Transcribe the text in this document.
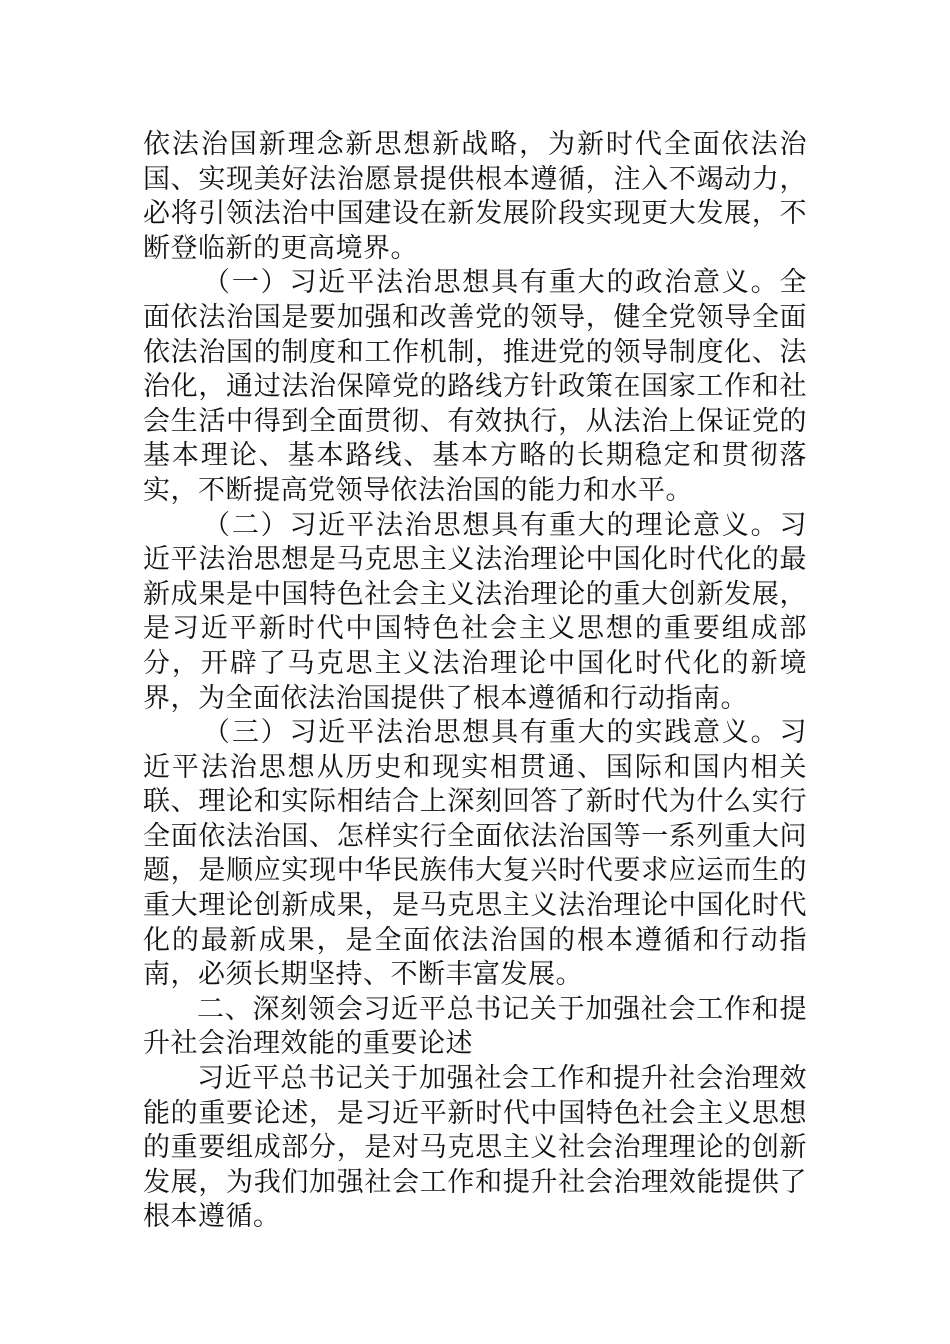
依法治国新理念新思想新战略，为新时代全面依法治国、实现美好法治愿景提供根本遵循，注入不竭动力，必将引领法治中国建设在新发展阶段实现更大发展，不断登临新的更高境界。

（一）习近平法治思想具有重大的政治意义。全面依法治国是要加强和改善党的领导，健全党领导全面依法治国的制度和工作机制，推进党的领导制度化、法治化，通过法治保障党的路线方针政策在国家工作和社会生活中得到全面贯彻、有效执行，从法治上保证党的基本理论、基本路线、基本方略的长期稳定和贯彻落实，不断提高党领导依法治国的能力和水平。

（二）习近平法治思想具有重大的理论意义。习近平法治思想是马克思主义法治理论中国化时代化的最新成果是中国特色社会主义法治理论的重大创新发展，是习近平新时代中国特色社会主义思想的重要组成部分，开辟了马克思主义法治理论中国化时代化的新境界，为全面依法治国提供了根本遵循和行动指南。

（三）习近平法治思想具有重大的实践意义。习近平法治思想从历史和现实相贯通、国际和国内相关联、理论和实际相结合上深刻回答了新时代为什么实行全面依法治国、怎样实行全面依法治国等一系列重大问题，是顺应实现中华民族伟大复兴时代要求应运而生的重大理论创新成果，是马克思主义法治理论中国化时代化的最新成果，是全面依法治国的根本遵循和行动指南，必须长期坚持、不断丰富发展。

二、深刻领会习近平总书记关于加强社会工作和提升社会治理效能的重要论述

习近平总书记关于加强社会工作和提升社会治理效能的重要论述，是习近平新时代中国特色社会主义思想的重要组成部分，是对马克思主义社会治理理论的创新发展，为我们加强社会工作和提升社会治理效能提供了根本遵循。
